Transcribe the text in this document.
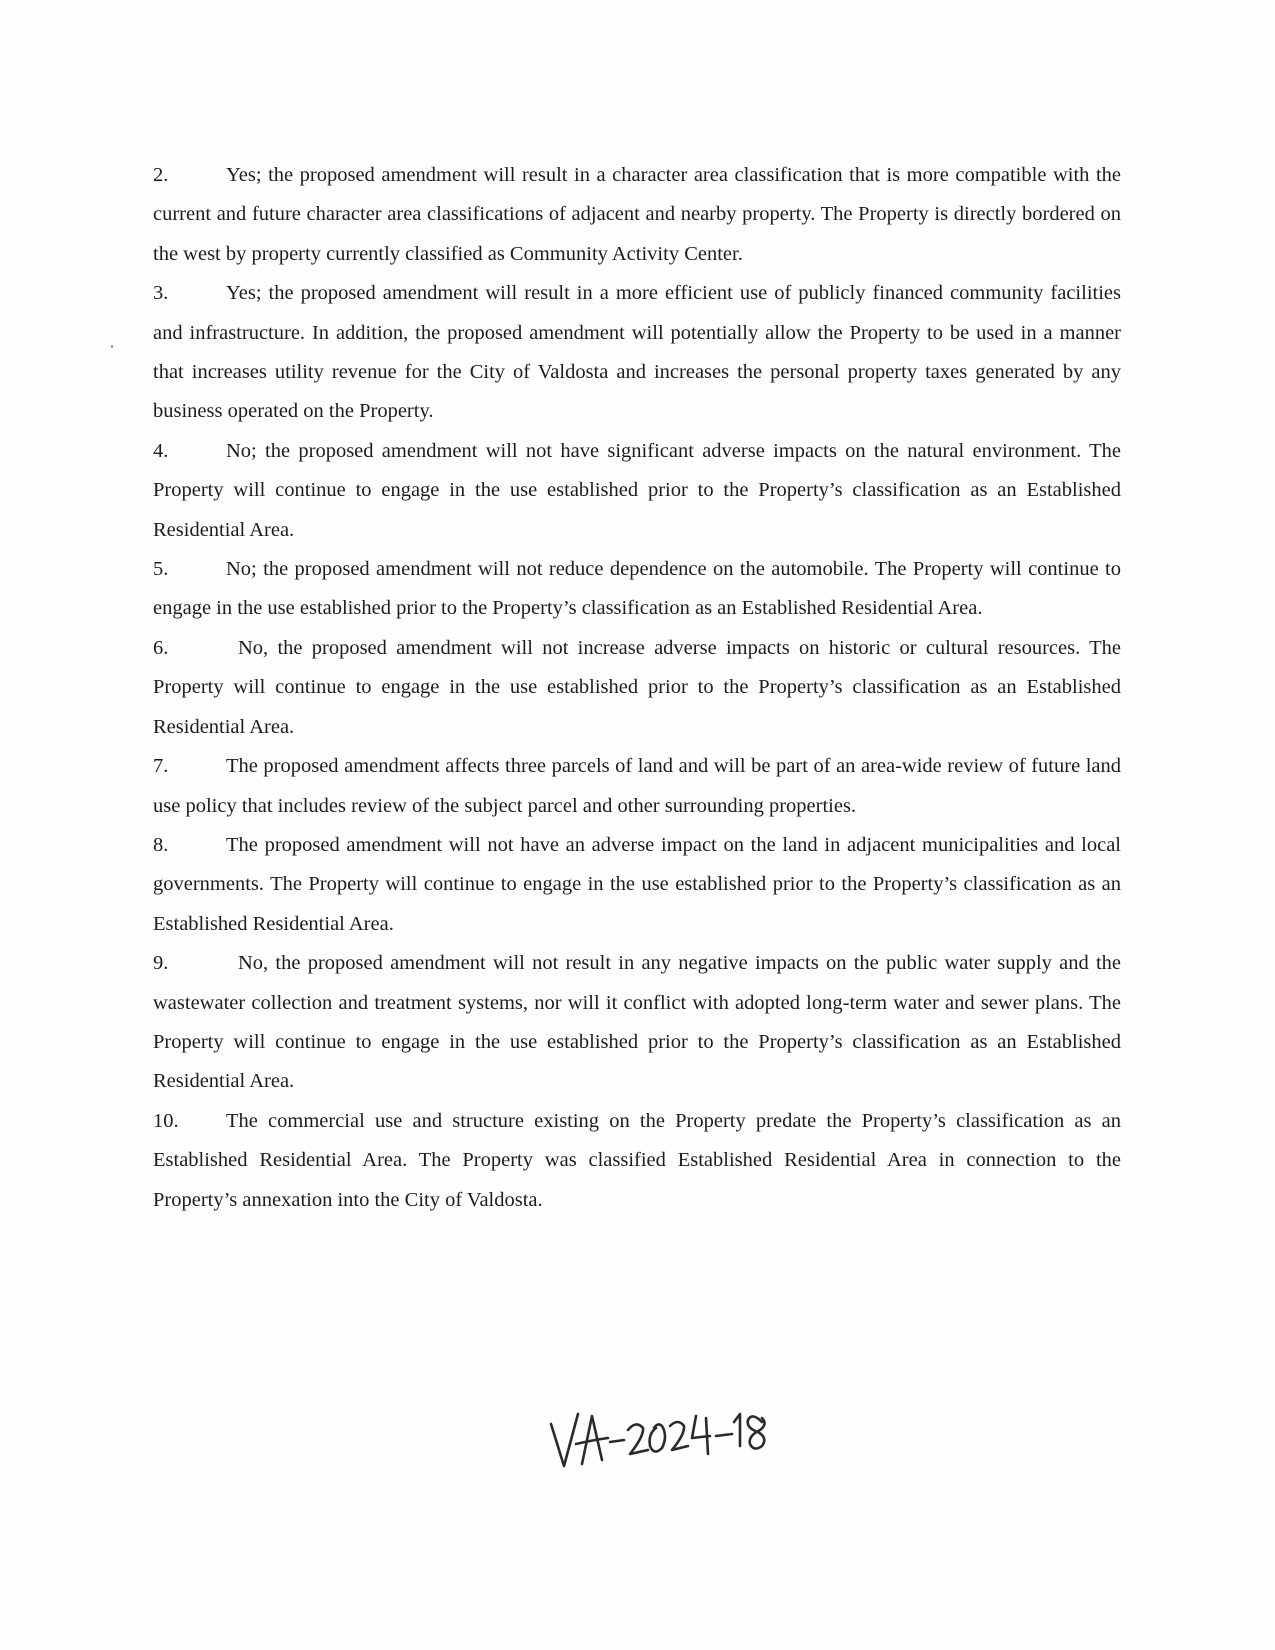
2.	Yes; the proposed amendment will result in a character area classification that is more compatible with the current and future character area classifications of adjacent and nearby property. The Property is directly bordered on the west by property currently classified as Community Activity Center.

3.	Yes; the proposed amendment will result in a more efficient use of publicly financed community facilities and infrastructure. In addition, the proposed amendment will potentially allow the Property to be used in a manner that increases utility revenue for the City of Valdosta and increases the personal property taxes generated by any business operated on the Property.

4.	No; the proposed amendment will not have significant adverse impacts on the natural environment. The Property will continue to engage in the use established prior to the Property’s classification as an Established Residential Area.

5.	No; the proposed amendment will not reduce dependence on the automobile. The Property will continue to engage in the use established prior to the Property’s classification as an Established Residential Area.

6.	No, the proposed amendment will not increase adverse impacts on historic or cultural resources. The Property will continue to engage in the use established prior to the Property’s classification as an Established Residential Area.

7.	The proposed amendment affects three parcels of land and will be part of an area-wide review of future land use policy that includes review of the subject parcel and other surrounding properties.

8.	The proposed amendment will not have an adverse impact on the land in adjacent municipalities and local governments. The Property will continue to engage in the use established prior to the Property’s classification as an Established Residential Area.

9.	No, the proposed amendment will not result in any negative impacts on the public water supply and the wastewater collection and treatment systems, nor will it conflict with adopted long-term water and sewer plans. The Property will continue to engage in the use established prior to the Property’s classification as an Established Residential Area.

10. The commercial use and structure existing on the Property predate the Property’s classification as an Established Residential Area. The Property was classified Established Residential Area in connection to the Property’s annexation into the City of Valdosta.
